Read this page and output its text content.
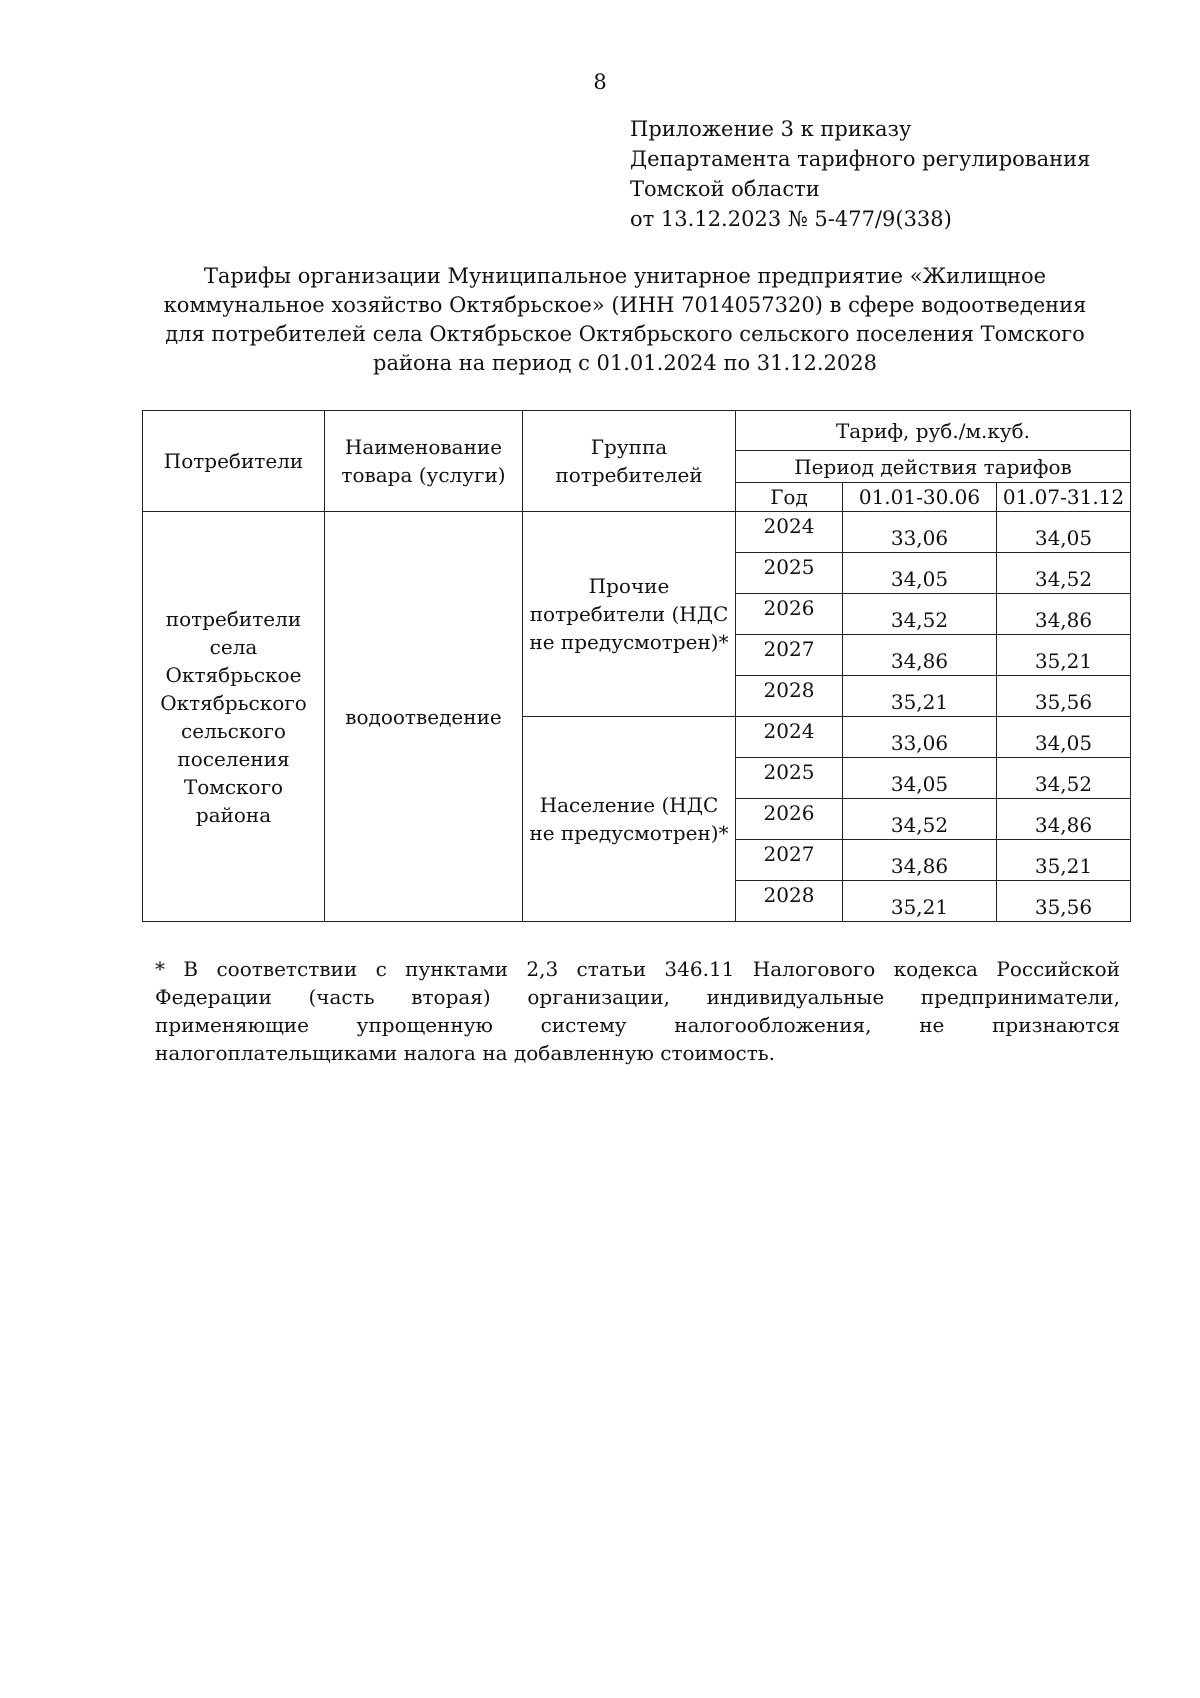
8
Приложение 3 к приказу
Департамента тарифного регулирования
Томской области
от 13.12.2023 № 5-477/9(338)
Тарифы организации Муниципальное унитарное предприятие «Жилищное
коммунальное хозяйство Октябрьское» (ИНН 7014057320) в сфере водоотведения
для потребителей села Октябрьское Октябрьского сельского поселения Томского
района на период с 01.01.2024 по 31.12.2028
Потребители	Наименование товара (услуги)	Группа потребителей	Тариф, руб./м.куб.		
			Период действия тарифов		
			Год	01.01-30.06	01.07-31.12
потребители села Октябрьское Октябрьского сельского поселения Томского района	водоотведение	Прочие потребители (НДС не предусмотрен)*	2024	33,06	34,05
			2025	34,05	34,52
			2026	34,52	34,86
			2027	34,86	35,21
			2028	35,21	35,56
		Население (НДС не предусмотрен)*	2024	33,06	34,05
			2025	34,05	34,52
			2026	34,52	34,86
			2027	34,86	35,21
			2028	35,21	35,56
* В соответствии с пунктами 2,3 статьи 346.11 Налогового кодекса Российской Федерации (часть вторая) организации, индивидуальные предприниматели, применяющие упрощенную систему налогообложения, не признаются налогоплательщиками налога на добавленную стоимость.
